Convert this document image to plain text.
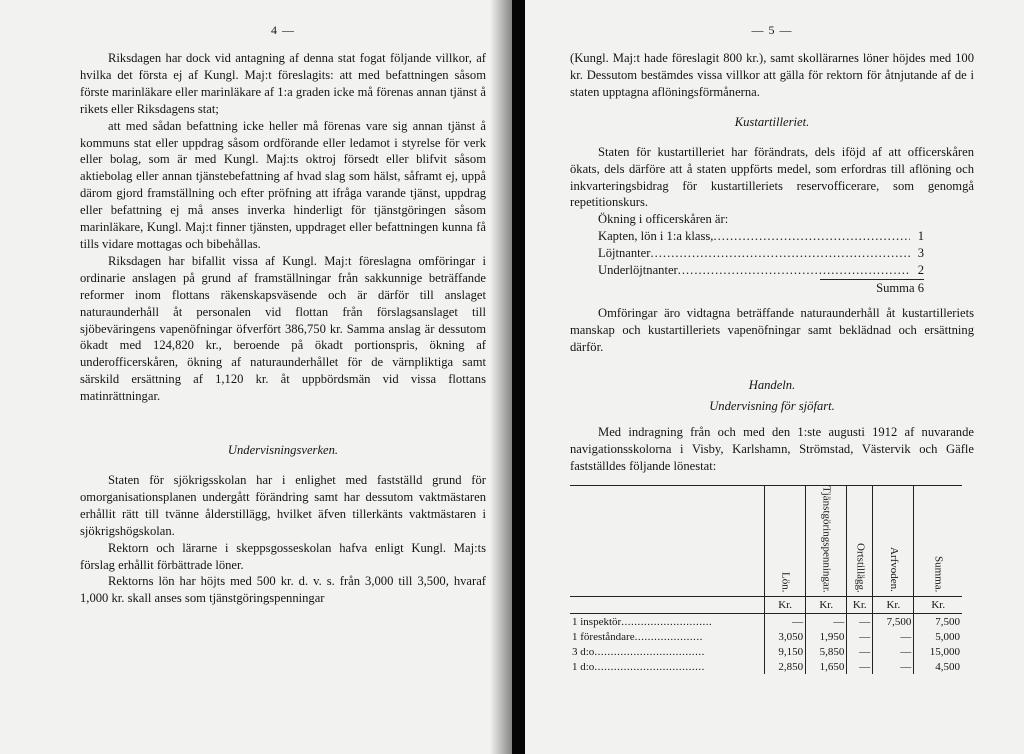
4 —

Riksdagen har dock vid antagning af denna stat fogat följande villkor, af hvilka det första ej af Kungl. Maj:t föreslagits: att med befattningen såsom förste marinläkare eller marinläkare af 1:a graden icke må förenas annan tjänst å rikets eller Riksdagens stat;

att med sådan befattning icke heller må förenas vare sig annan tjänst å kommuns stat eller uppdrag såsom ordförande eller ledamot i styrelse för verk eller bolag, som är med Kungl. Maj:ts oktroj försedt eller blifvit såsom aktiebolag eller annan tjänstebefattning af hvad slag som hälst, såframt ej, uppå därom gjord framställning och efter pröfning att ifråga varande tjänst, uppdrag eller befattning ej må anses inverka hinderligt för tjänstgöringen såsom marinläkare, Kungl. Maj:t finner tjänsten, uppdraget eller befattningen kunna få tills vidare mottagas och bibehållas.

Riksdagen har bifallit vissa af Kungl. Maj:t föreslagna omföringar i ordinarie anslagen på grund af framställningar från sakkunnige beträffande reformer inom flottans räkenskapsväsende och är därför till anslaget naturaunderhåll åt personalen vid flottan från förslagsanslaget till sjöbeväringens vapenöfningar öfverfört 386,750 kr. Samma anslag är dessutom ökadt med 124,820 kr., beroende på ökadt portionspris, ökning af underofficerskåren, ökning af naturaunderhållet för de värnpliktiga samt särskild ersättning af 1,120 kr. åt uppbördsmän vid vissa flottans matinrättningar.

Undervisningsverken.

Staten för sjökrigsskolan har i enlighet med fastställd grund för omorganisationsplanen undergått förändring samt har dessutom vaktmästaren erhållit rätt till tvänne ålderstillägg, hvilket äfven tillerkänts vaktmästaren i sjökrigshögskolan.

Rektorn och lärarne i skeppsgosseskolan hafva enligt Kungl. Maj:ts förslag erhållit förbättrade löner.

Rektorns lön har höjts med 500 kr. d. v. s. från 3,000 till 3,500, hvaraf 1,000 kr. skall anses som tjänstgöringspenningar

— 5 —

(Kungl. Maj:t hade föreslagit 800 kr.), samt skollärarnes löner höjdes med 100 kr. Dessutom bestämdes vissa villkor att gälla för rektorn för åtnjutande af de i staten upptagna aflöningsförmånerna.

Kustartilleriet.

Staten för kustartilleriet har förändrats, dels iföjd af att officerskåren ökats, dels därföre att å staten uppförts medel, som erfordras till aflöning och inkvarteringsbidrag för kustartilleriets reservofficerare, som genomgå repetitionskurs.

Ökning i officerskåren är:
Kapten, lön i 1:a klass, .....	1
Löjtnanter .....	3
Underlöjtnanter .....	2
Summa 6

Omföringar äro vidtagna beträffande naturaunderhåll åt kustartilleriets manskap och kustartilleriets vapenöfningar samt beklädnad och ersättning därför.

Handeln.
Undervisning för sjöfart.

Med indragning från och med den 1:ste augusti 1912 af nuvarande navigationsskolorna i Visby, Karlshamn, Strömstad, Västervik och Gäfle fastställdes följande lönestat:

	Lön.	Tjänstgöringspenningar.	Ortstillägg.	Arfvoden.	Summa.

	Kr.	Kr.	Kr.	Kr.	Kr.
1 inspektör............................	—	—	—	7,500	7,500
1 föreståndare.....................	3,050	1,950	—	—	5,000
3 d:o..................................	9,150	5,850	—	—	15,000
1 d:o..................................	2,850	1,650	—	—	4,500
